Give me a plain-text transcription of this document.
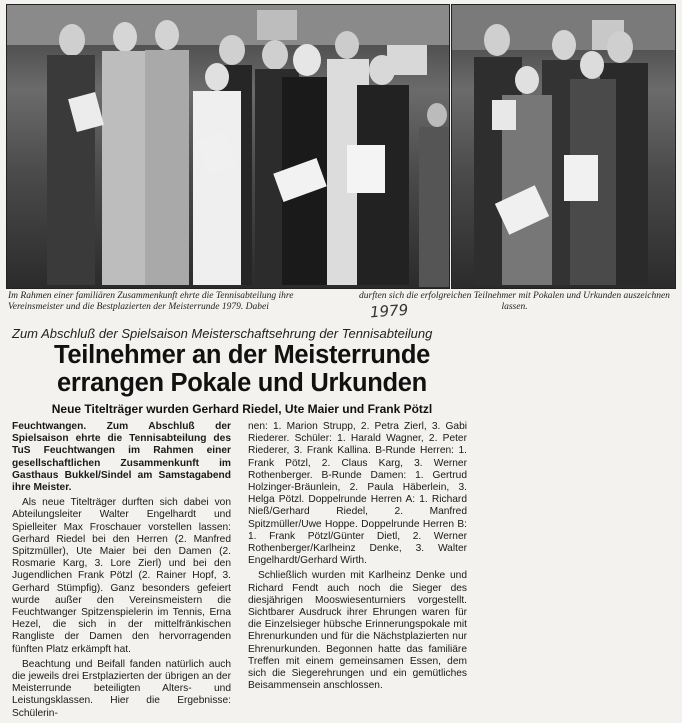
Im Rahmen einer familiären Zusammenkunft ehrte die Tennisabteilung ihre Vereinsmeister und die Bestplazierten der Meisterrunde 1979. Dabei
durften sich die erfolgreichen Teilnehmer mit Pokalen und Urkunden auszeichnen lassen.
1979
Zum Abschluß der Spielsaison Meisterschaftsehrung der Tennisabteilung
Teilnehmer an der Meisterrunde
errangen Pokale und Urkunden
Neue Titelträger wurden Gerhard Riedel, Ute Maier und Frank Pötzl

Feuchtwangen. Zum Abschluß der Spielsaison ehrte die Tennisabteilung des TuS Feuchtwangen im Rahmen einer gesellschaftlichen Zusammenkunft im Gasthaus Bukkel/Sindel am Samstagabend ihre Meister.

Als neue Titelträger durften sich dabei von Abteilungsleiter Walter Engelhardt und Spielleiter Max Froschauer vorstellen lassen: Gerhard Riedel bei den Herren (2. Manfred Spitzmüller), Ute Maier bei den Damen (2. Rosmarie Karg, 3. Lore Zierl) und bei den Jugendlichen Frank Pötzl (2. Rainer Hopf, 3. Gerhard Stümpfig). Ganz besonders gefeiert wurde außer den Vereinsmeistern die Feuchtwanger Spitzenspielerin im Tennis, Erna Hezel, die sich in der mittelfränkischen Rangliste der Damen den hervorragenden fünften Platz erkämpft hat.

Beachtung und Beifall fanden natürlich auch die jeweils drei Erstplazierten der übrigen an der Meisterrunde beteiligten Alters- und Leistungsklassen. Hier die Ergebnisse: Schülerin-

nen: 1. Marion Strupp, 2. Petra Zierl, 3. Gabi Riederer. Schüler: 1. Harald Wagner, 2. Peter Riederer, 3. Frank Kallina. B-Runde Herren: 1. Frank Pötzl, 2. Claus Karg, 3. Werner Rothenberger. B-Runde Damen: 1. Gertrud Holzinger-Bräunlein, 2. Paula Häberlein, 3. Helga Pötzl. Doppelrunde Herren A: 1. Richard Nieß/Gerhard Riedel, 2. Manfred Spitzmüller/Uwe Hoppe. Doppelrunde Herren B: 1. Frank Pötzl/Günter Dietl, 2. Werner Rothenberger/Karlheinz Denke, 3. Walter Engelhardt/Gerhard Wirth.

Schließlich wurden mit Karlheinz Denke und Richard Fendt auch noch die Sieger des diesjährigen Mooswiesenturniers vorgestellt. Sichtbarer Ausdruck ihrer Ehrungen waren für die Einzelsieger hübsche Erinnerungspokale mit Ehrenurkunden und für die Nächstplazierten nur Ehrenurkunden. Begonnen hatte das familiäre Treffen mit einem gemeinsamen Essen, dem sich die Siegerehrungen und ein gemütliches Beisammensein anschlossen.
